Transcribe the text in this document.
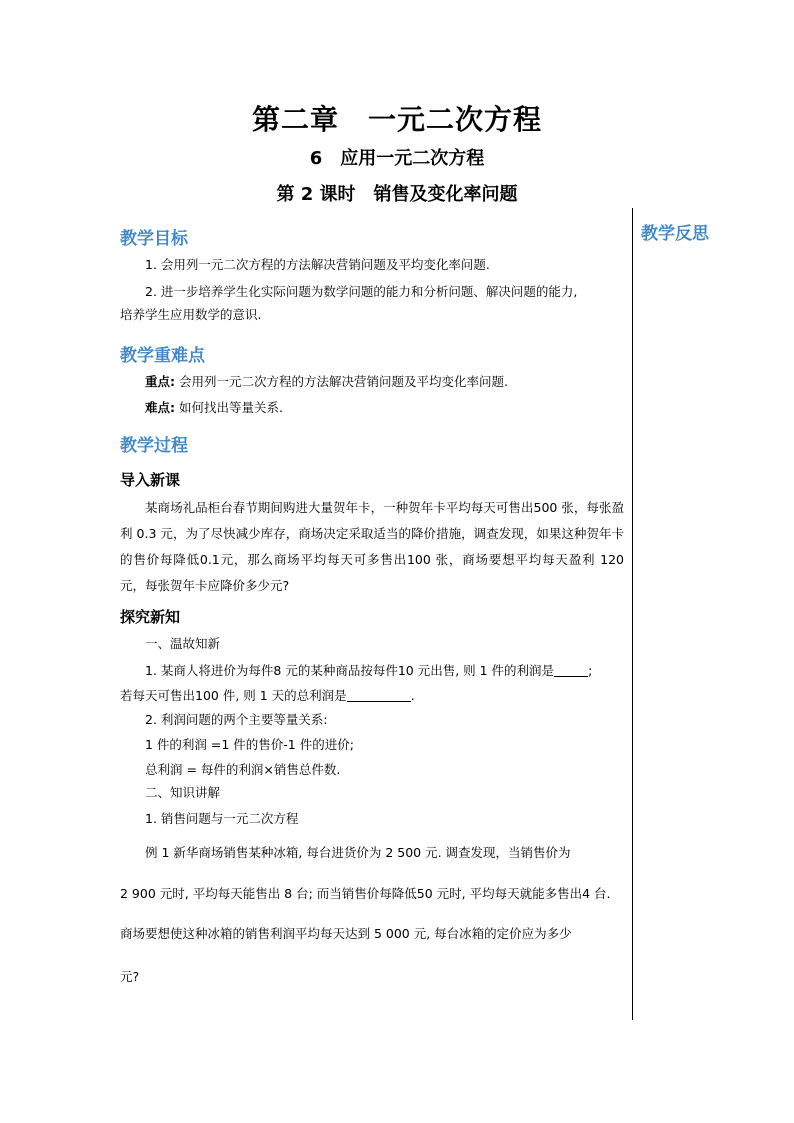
第二章　一元二次方程
6　应用一元二次方程
第 2 课时　销售及变化率问题
教学反思
教学目标
1. 会用列一元二次方程的方法解决营销问题及平均变化率问题.
2. 进一步培养学生化实际问题为数学问题的能力和分析问题、解决问题的能力,
培养学生应用数学的意识.
教学重难点
重点: 会用列一元二次方程的方法解决营销问题及平均变化率问题.
难点: 如何找出等量关系.
教学过程
导入新课
某商场礼品柜台春节期间购进大量贺年卡，一种贺年卡平均每天可售出500 张，每张盈利 0.3 元，为了尽快减少库存，商场决定采取适当的降价措施，调查发现，如果这种贺年卡的售价每降低0.1元，那么商场平均每天可多售出100 张，商场要想平均每天盈利 120 元，每张贺年卡应降价多少元?
探究新知
一、温故知新
1. 某商人将进价为每件8 元的某种商品按每件10 元出售, 则 1 件的利润是	;
若每天可售出100 件, 则 1 天的总利润是	.
2. 利润问题的两个主要等量关系:
1 件的利润 =1 件的售价-1 件的进价;
总利润 = 每件的利润×销售总件数.
二、知识讲解
1. 销售问题与一元二次方程
例 1 新华商场销售某种冰箱, 每台进货价为 2 500 元. 调查发现，当销售价为
2 900 元时, 平均每天能售出 8 台; 而当销售价每降低50 元时, 平均每天就能多售出4 台.
商场要想使这种冰箱的销售利润平均每天达到 5 000 元, 每台冰箱的定价应为多少
元?
